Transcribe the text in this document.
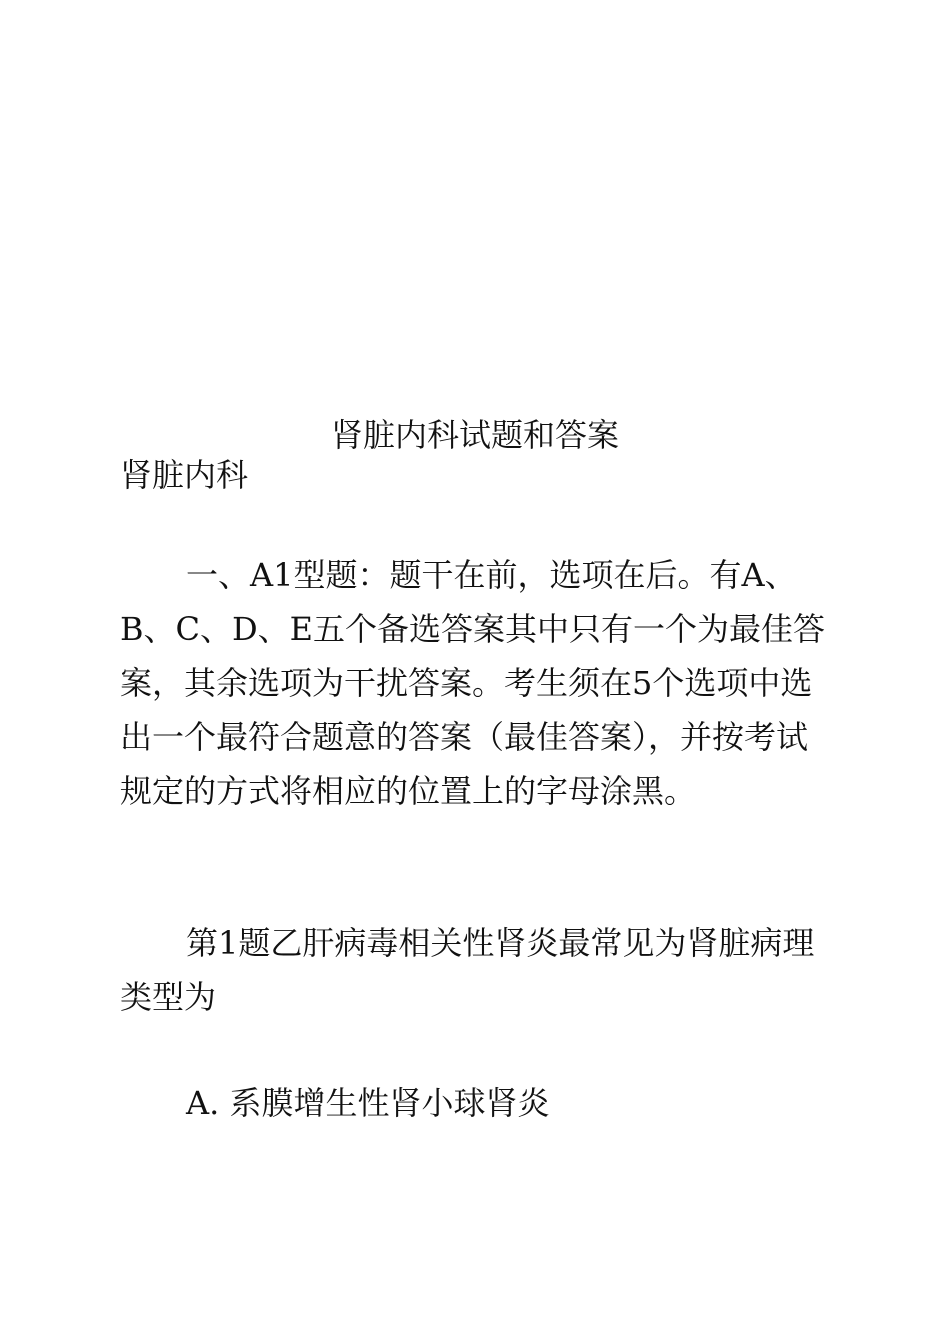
肾脏内科试题和答案

肾脏内科

一、A1型题：题干在前，选项在后。有A、B、C、D、E五个备选答案其中只有一个为最佳答案，其余选项为干扰答案。考生须在5个选项中选出一个最符合题意的答案（最佳答案），并按考试规定的方式将相应的位置上的字母涂黑。

第1题乙肝病毒相关性肾炎最常见为肾脏病理类型为

A. 系膜增生性肾小球肾炎
